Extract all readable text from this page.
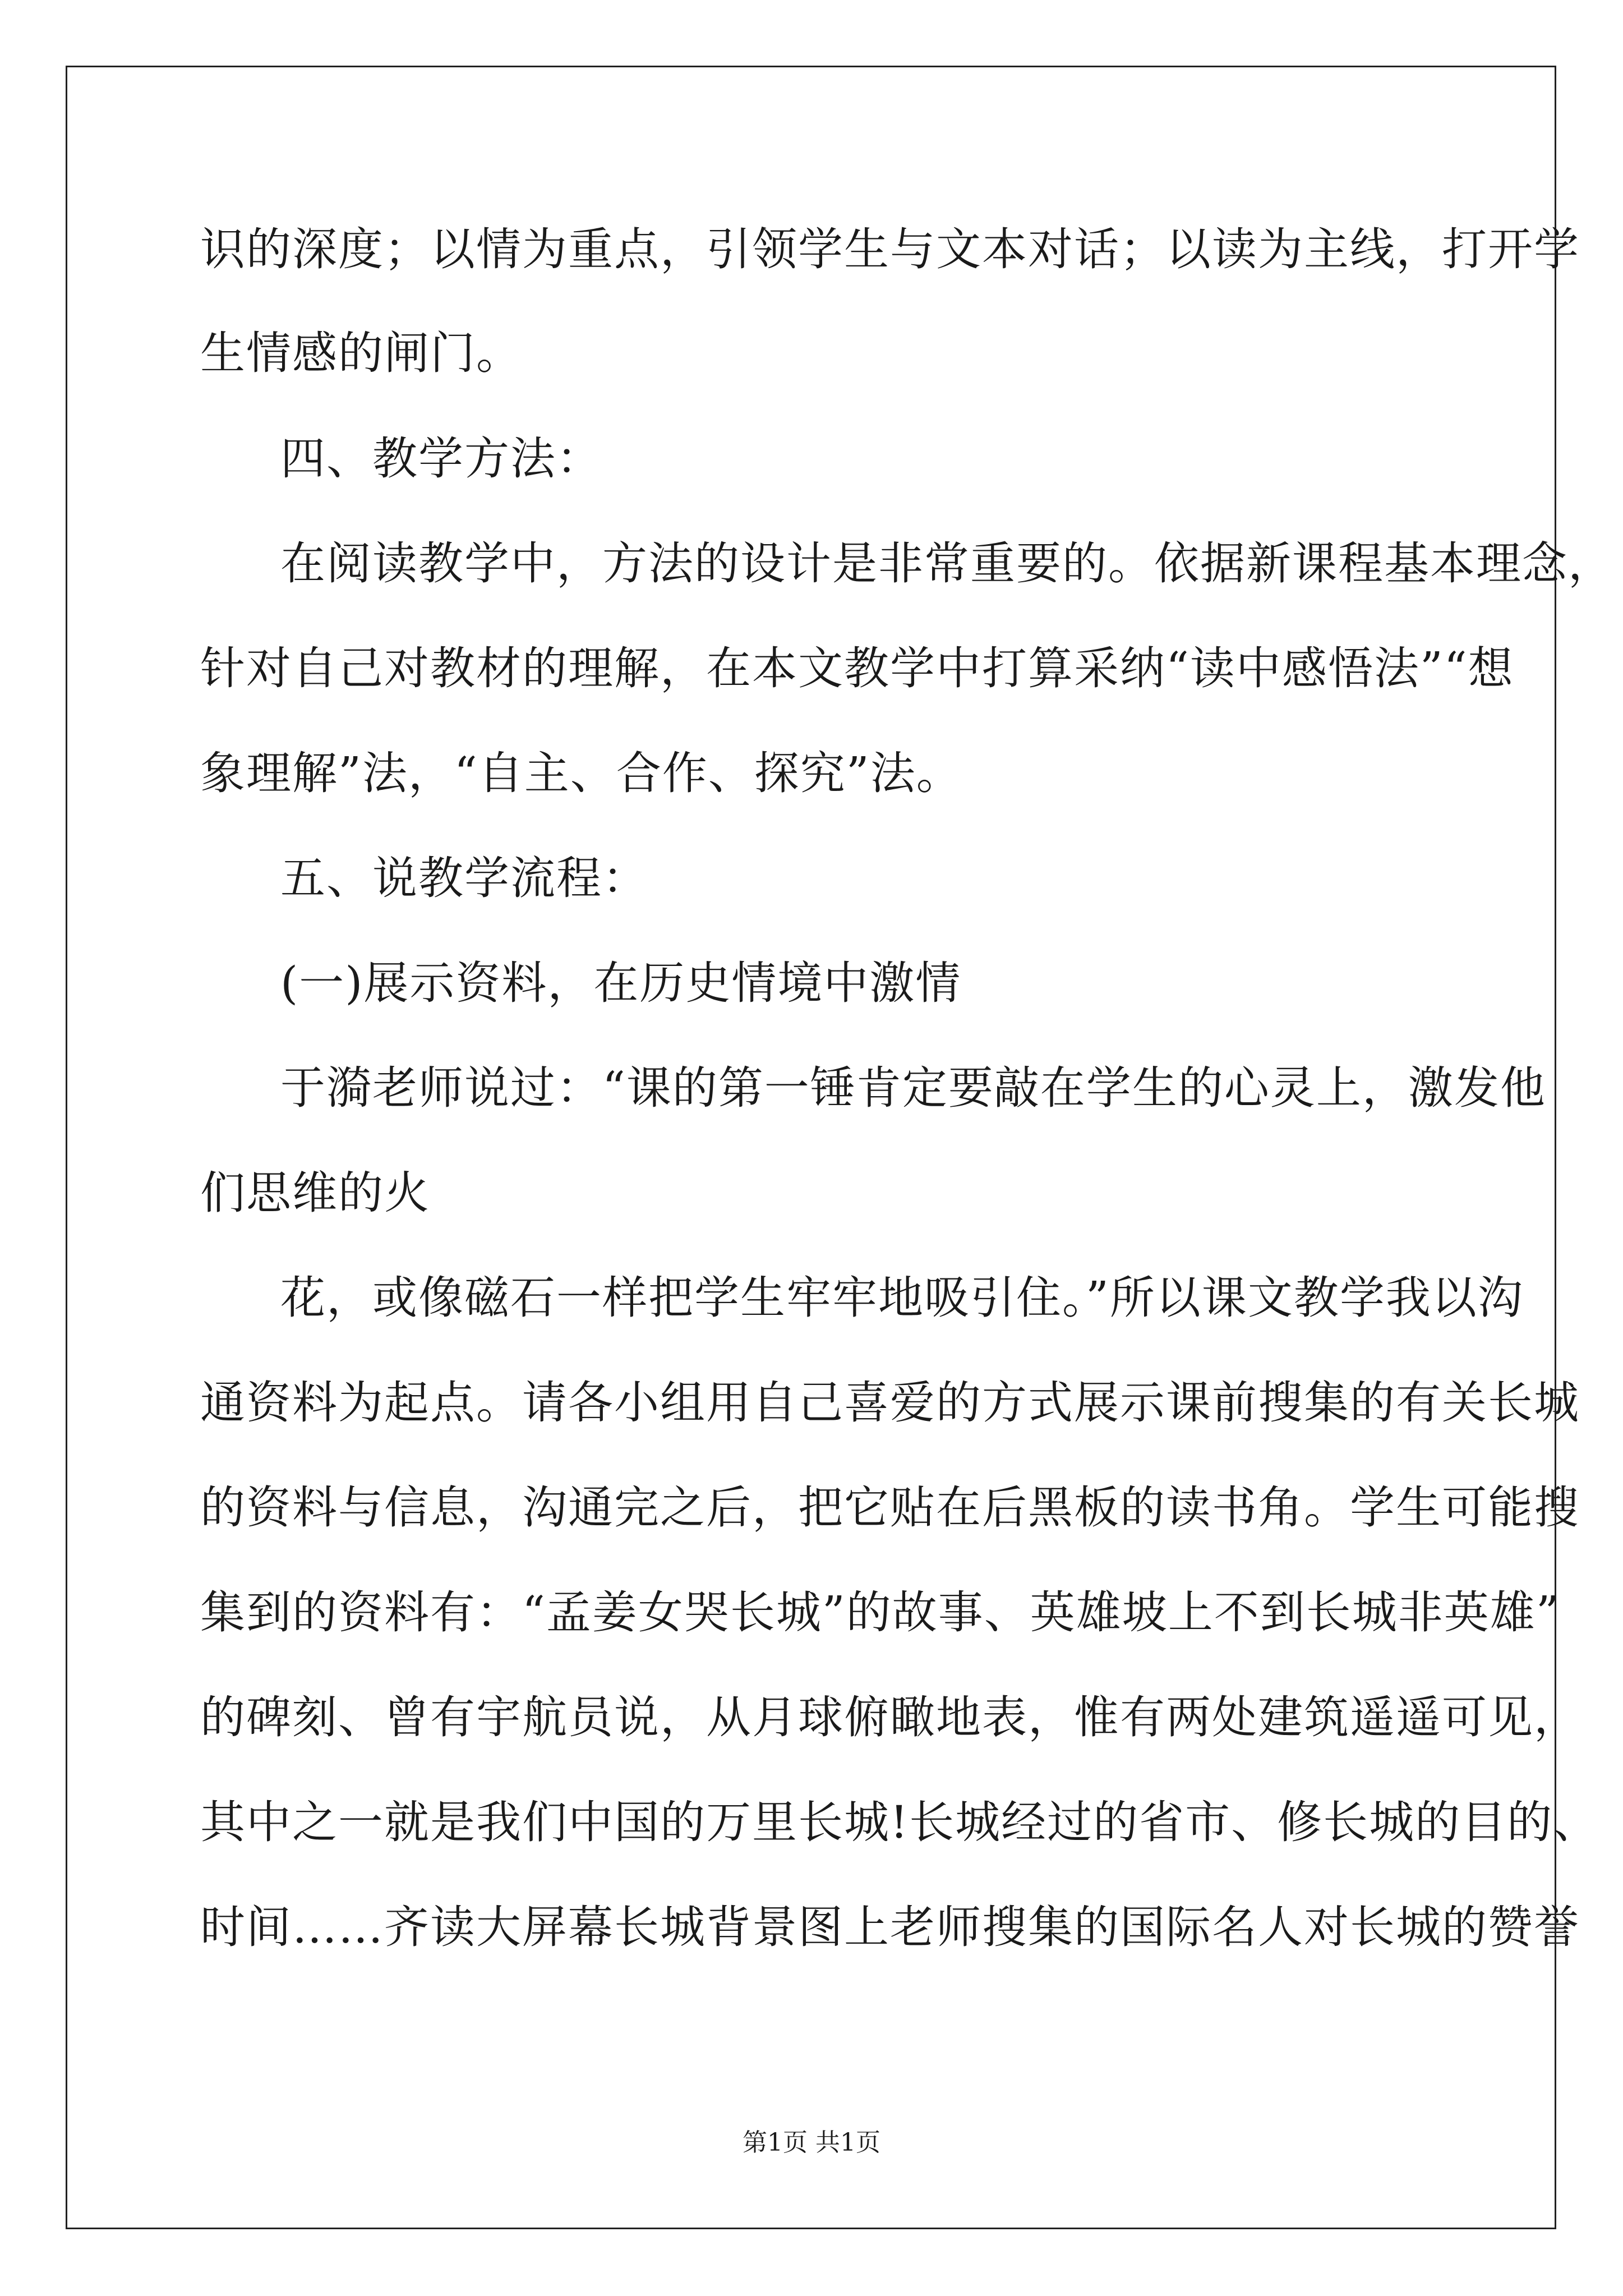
识的深度；以情为重点，引领学生与文本对话；以读为主线，打开学
生情感的闸门。
四、教学方法：
在阅读教学中，方法的设计是非常重要的。依据新课程基本理念，
针对自己对教材的理解，在本文教学中打算采纳“读中感悟法”“想
象理解”法，“自主、合作、探究”法。
五、说教学流程：
(一)展示资料，在历史情境中激情
于漪老师说过：“课的第一锤肯定要敲在学生的心灵上，激发他
们思维的火
花，或像磁石一样把学生牢牢地吸引住。”所以课文教学我以沟
通资料为起点。请各小组用自己喜爱的方式展示课前搜集的有关长城
的资料与信息，沟通完之后，把它贴在后黑板的读书角。学生可能搜
集到的资料有：“孟姜女哭长城”的故事、英雄坡上不到长城非英雄”
的碑刻、曾有宇航员说，从月球俯瞰地表，惟有两处建筑遥遥可见，
其中之一就是我们中国的万里长城!长城经过的省市、修长城的目的、
时间……齐读大屏幕长城背景图上老师搜集的国际名人对长城的赞誉
第1页 共1页
